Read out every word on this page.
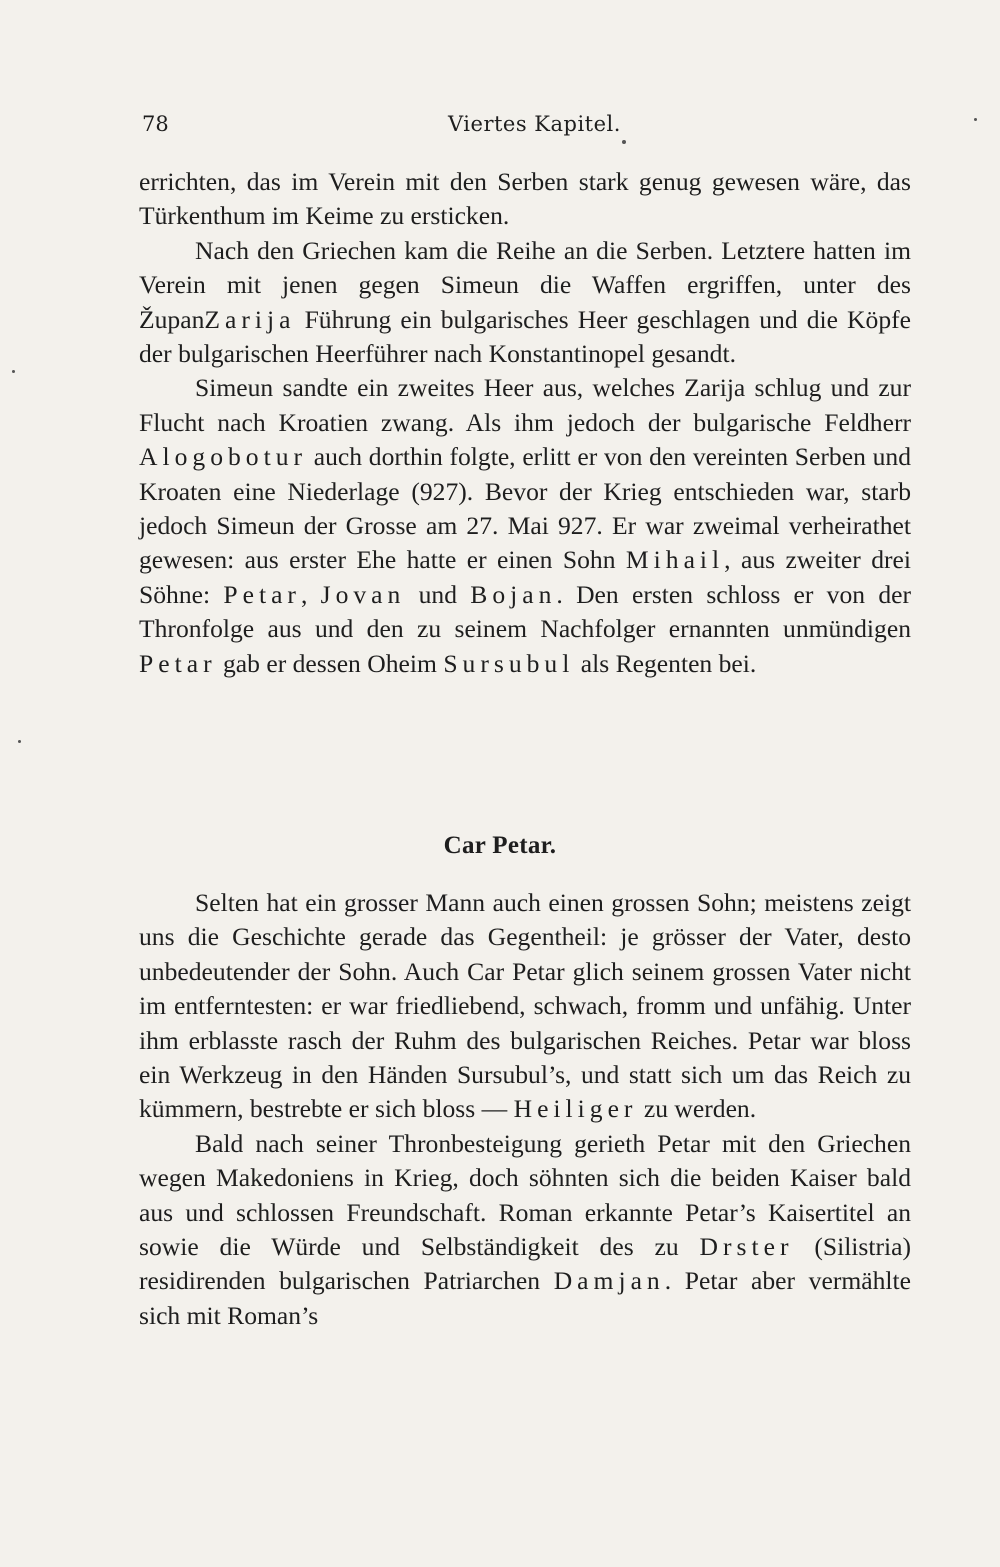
78	Viertes Kapitel.

errichten, das im Verein mit den Serben stark genug gewesen wäre, das Türkenthum im Keime zu ersticken.

Nach den Griechen kam die Reihe an die Serben. Letztere hatten im Verein mit jenen gegen Simeun die Waffen ergriffen, unter des ŽupanZarija Führung ein bulgarisches Heer geschlagen und die Köpfe der bulgarischen Heerführer nach Konstantinopel gesandt.

Simeun sandte ein zweites Heer aus, welches Zarija schlug und zur Flucht nach Kroatien zwang. Als ihm jedoch der bulgarische Feldherr Alogobotur auch dorthin folgte, erlitt er von den vereinten Serben und Kroaten eine Niederlage (927). Bevor der Krieg entschieden war, starb jedoch Simeun der Grosse am 27. Mai 927. Er war zweimal verheirathet gewesen: aus erster Ehe hatte er einen Sohn Mihail, aus zweiter drei Söhne: Petar, Jovan und Bojan. Den ersten schloss er von der Thronfolge aus und den zu seinem Nachfolger ernannten unmündigen Petar gab er dessen Oheim Sursubul als Regenten bei.

Car Petar.

Selten hat ein grosser Mann auch einen grossen Sohn; meistens zeigt uns die Geschichte gerade das Gegentheil: je grösser der Vater, desto unbedeutender der Sohn. Auch Car Petar glich seinem grossen Vater nicht im entferntesten: er war friedliebend, schwach, fromm und unfähig. Unter ihm erblasste rasch der Ruhm des bulgarischen Reiches. Petar war bloss ein Werkzeug in den Händen Sursubul’s, und statt sich um das Reich zu kümmern, bestrebte er sich bloss — Heiliger zu werden.

Bald nach seiner Thronbesteigung gerieth Petar mit den Griechen wegen Makedoniens in Krieg, doch söhnten sich die beiden Kaiser bald aus und schlossen Freundschaft. Roman erkannte Petar’s Kaisertitel an sowie die Würde und Selbständigkeit des zu Drster (Silistria) residirenden bulgarischen Patriarchen Damjan. Petar aber vermählte sich mit Roman’s
